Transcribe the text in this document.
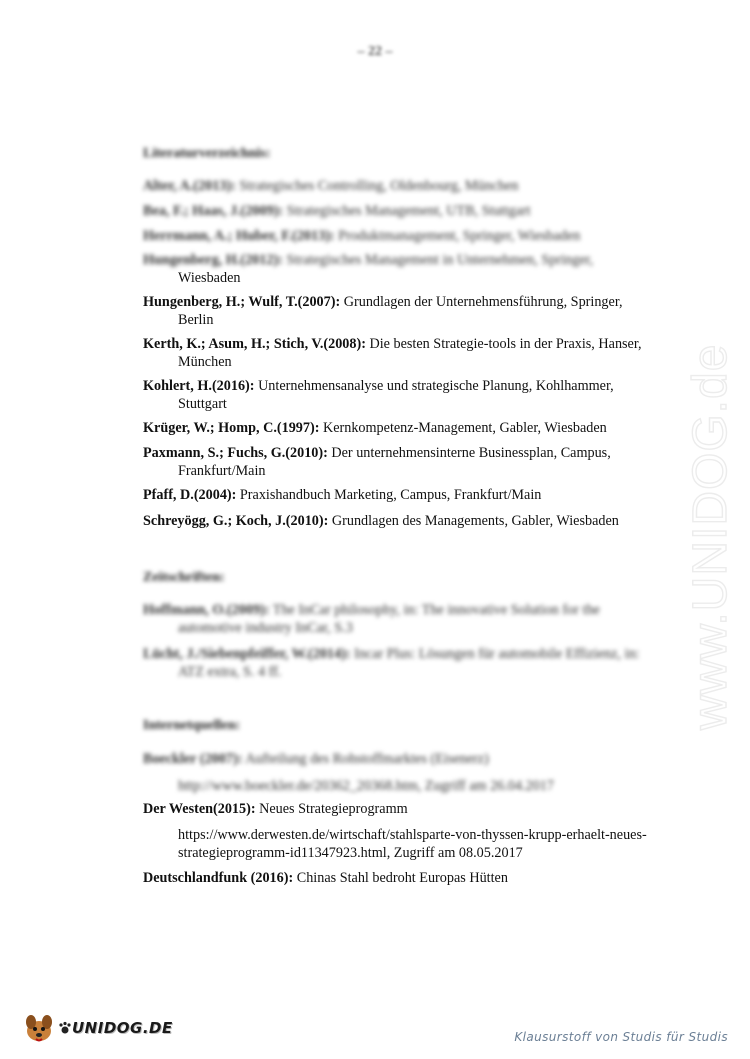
– 22 –
Literaturverzeichnis:
Alter, A.(2013): Strategisches Controlling, Oldenbourg, München
Bea, F.; Haas, J.(2009): Strategisches Management, UTB, Stuttgart
Herrmann, A.; Huber, F.(2013): Produktmanagement, Springer, Wiesbaden
Hungenberg, H.(2012): Strategisches Management in Unternehmen, Springer,
Wiesbaden
Hungenberg, H.; Wulf, T.(2007): Grundlagen der Unternehmensführung, Springer,
Berlin
Kerth, K.; Asum, H.; Stich, V.(2008): Die besten Strategie-tools in der Praxis, Hanser,
München
Kohlert, H.(2016): Unternehmensanalyse und strategische Planung, Kohlhammer,
Stuttgart
Krüger, W.; Homp, C.(1997): Kernkompetenz-Management, Gabler, Wiesbaden
Paxmann, S.; Fuchs, G.(2010): Der unternehmensinterne Businessplan, Campus,
Frankfurt/Main
Pfaff, D.(2004): Praxishandbuch Marketing, Campus, Frankfurt/Main
Schreyögg, G.; Koch, J.(2010): Grundlagen des Managements, Gabler, Wiesbaden
Zeitschriften:
Hoffmann, O.(2009): The InCar philosophy, in: The innovative Solution for the
automotive industry InCar, S.3
Lücht, J./Siebenpfeiffer, W.(2014): Incar Plus: Lösungen für automobile Effizienz, in:
ATZ extra, S. 4 ff.
Internetquellen:
Boeckler (2007): Aufteilung des Rohstoffmarktes (Eisenerz)
http://www.boeckler.de/20362_20368.htm, Zugriff am 26.04.2017
Der Westen(2015): Neues Strategieprogramm
https://www.derwesten.de/wirtschaft/stahlsparte-von-thyssen-krupp-erhaelt-neues-strategieprogramm-id11347923.html, Zugriff am 08.05.2017
Deutschlandfunk (2016): Chinas Stahl bedroht Europas Hütten
www.UNIDOG.de
UNIDOG.DE	Klausurstoff von Studis für Studis
